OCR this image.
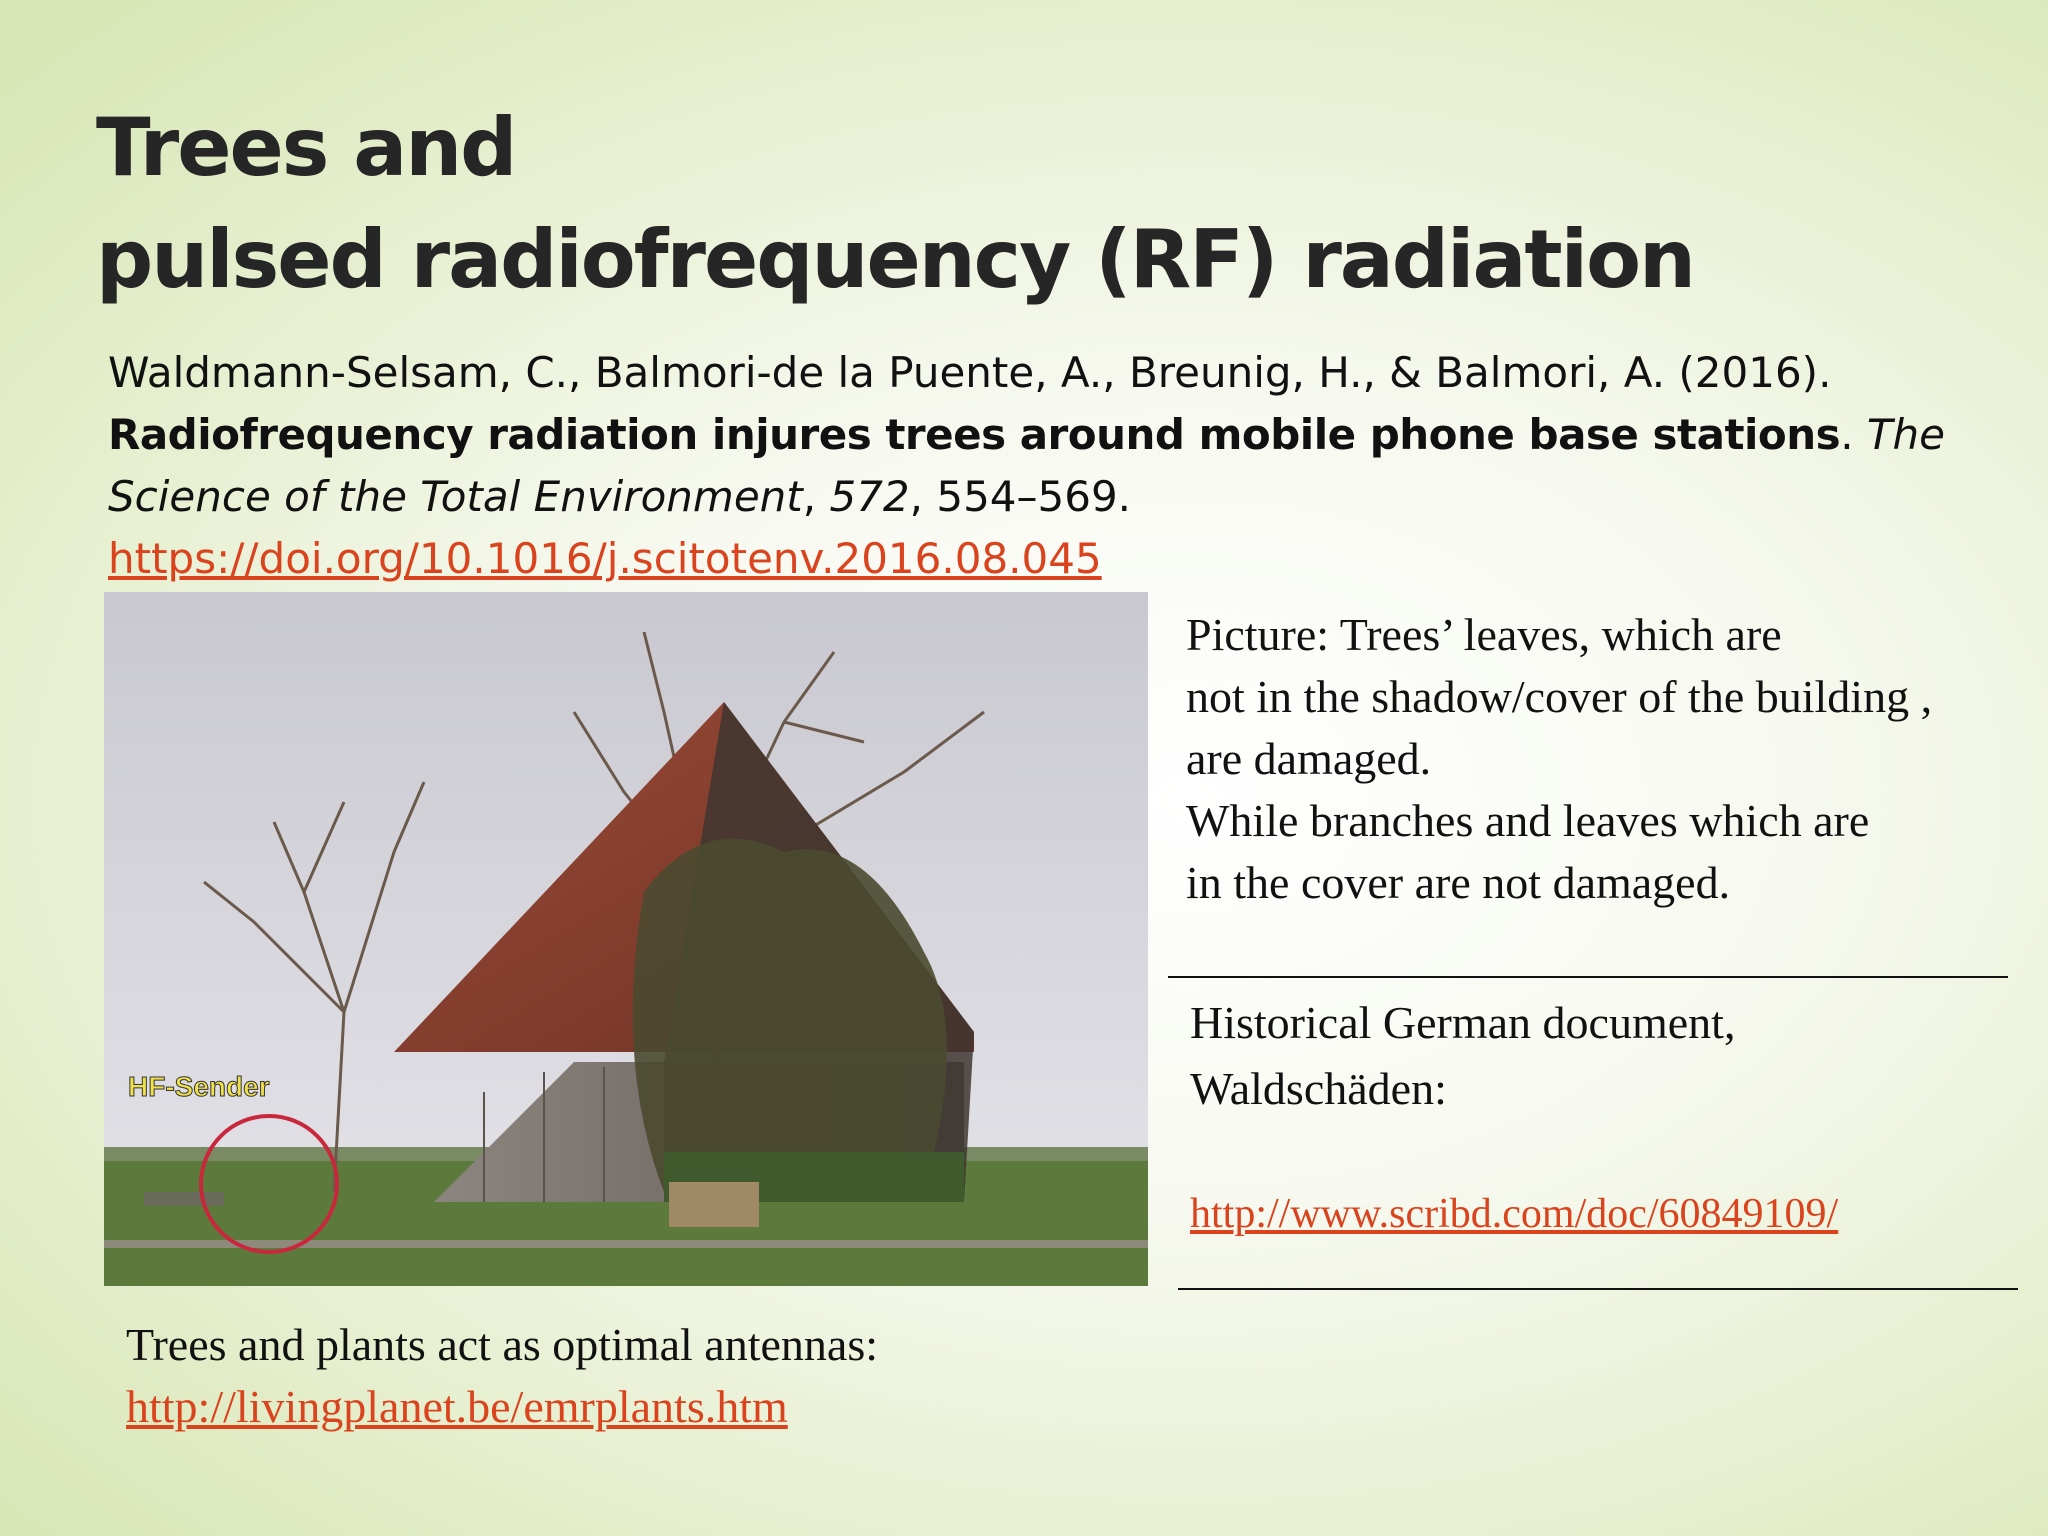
Trees and
pulsed radiofrequency (RF) radiation
Waldmann-Selsam, C., Balmori-de la Puente, A., Breunig, H., & Balmori, A. (2016).
Radiofrequency radiation injures trees around mobile phone base stations. The
Science of the Total Environment, 572, 554–569.
https://doi.org/10.1016/j.scitotenv.2016.08.045
HF-Sender
Picture: Trees’ leaves, which are
not in the shadow/cover of the building ,
are damaged.
While branches and leaves which are
in the cover are not damaged.
Historical German document,
Waldschäden:
http://www.scribd.com/doc/60849109/
Trees and plants act as optimal antennas:
http://livingplanet.be/emrplants.htm
